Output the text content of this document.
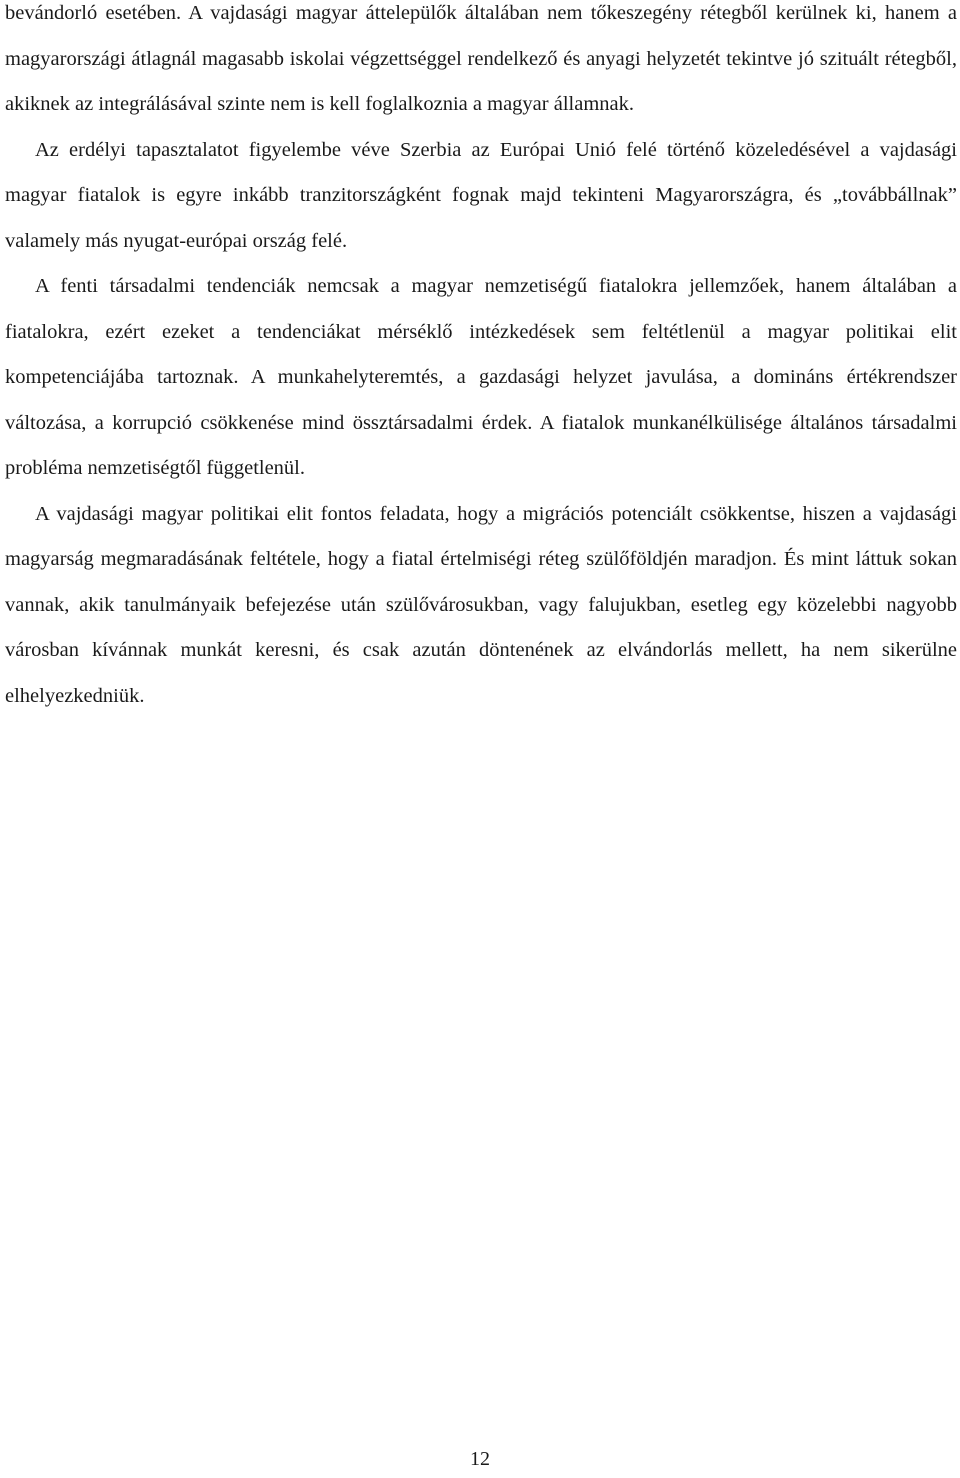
bevándorló esetében. A vajdasági magyar áttelepülők általában nem tőkeszegény rétegből kerülnek ki, hanem a magyarországi átlagnál magasabb iskolai végzettséggel rendelkező és anyagi helyzetét tekintve jó szituált rétegből, akiknek az integrálásával szinte nem is kell foglalkoznia a magyar államnak.

Az erdélyi tapasztalatot figyelembe véve Szerbia az Európai Unió felé történő közeledésével a vajdasági magyar fiatalok is egyre inkább tranzitországként fognak majd tekinteni Magyarországra, és „továbbállnak” valamely más nyugat-európai ország felé.

A fenti társadalmi tendenciák nemcsak a magyar nemzetiségű fiatalokra jellemzőek, hanem általában a fiatalokra, ezért ezeket a tendenciákat mérséklő intézkedések sem feltétlenül a magyar politikai elit kompetenciájába tartoznak. A munkahelyteremtés, a gazdasági helyzet javulása, a domináns értékrendszer változása, a korrupció csökkenése mind össztársadalmi érdek. A fiatalok munkanélkülisége általános társadalmi probléma nemzetiségtől függetlenül.

A vajdasági magyar politikai elit fontos feladata, hogy a migrációs potenciált csökkentse, hiszen a vajdasági magyarság megmaradásának feltétele, hogy a fiatal értelmiségi réteg szülőföldjén maradjon. És mint láttuk sokan vannak, akik tanulmányaik befejezése után szülővárosukban, vagy falujukban, esetleg egy közelebbi nagyobb városban kívánnak munkát keresni, és csak azután döntenének az elvándorlás mellett, ha nem sikerülne elhelyezkedniük.

12
